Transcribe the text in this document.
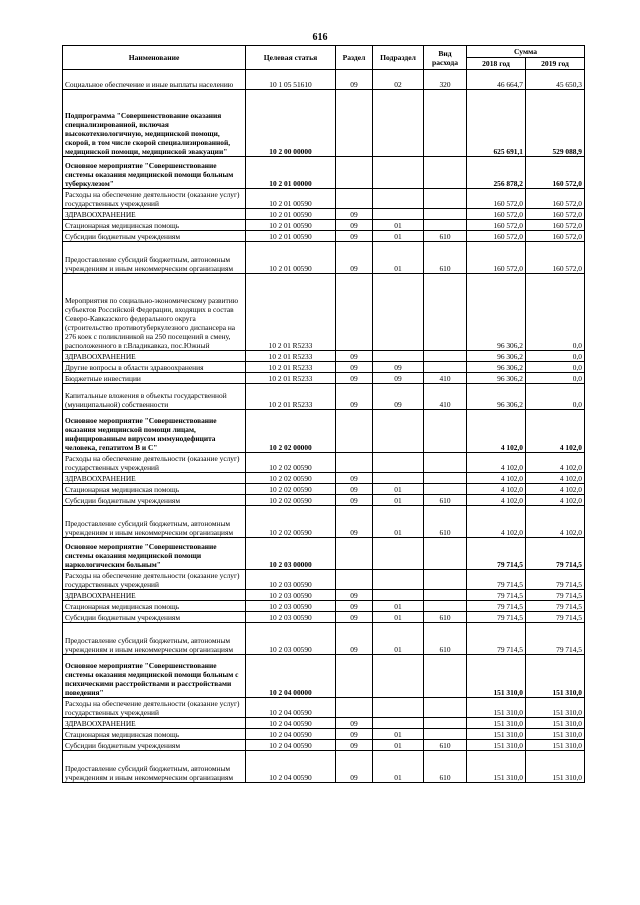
616
Наименование	Целевая статья	Раздел	Подраздел	Вид расхода	Сумма	
					2018 год	2019 год
Социальное обеспечение и иные выплаты населению	10 1 05 51610	09	02	320	46 664,7	45 650,3
Подпрограмма "Совершенствование оказания специализированной, включая высокотехнологичную, медицинской помощи, скорой, в том числе скорой специализированной, медицинской помощи, медицинской эвакуации"	10 2 00 00000				625 691,1	529 088,9
Основное мероприятие "Совершенствование системы оказания медицинской помощи больным туберкулезом"	10 2 01 00000				256 878,2	160 572,0
Расходы на обеспечение деятельности (оказание услуг) государственных учреждений	10 2 01 00590				160 572,0	160 572,0
ЗДРАВООХРАНЕНИЕ	10 2 01 00590	09			160 572,0	160 572,0
Стационарная медицинская помощь	10 2 01 00590	09	01		160 572,0	160 572,0
Субсидии бюджетным учреждениям	10 2 01 00590	09	01	610	160 572,0	160 572,0
Предоставление субсидий бюджетным, автономным учреждениям и иным некоммерческим организациям	10 2 01 00590	09	01	610	160 572,0	160 572,0
Мероприятия по социально-экономическому развитию субъектов Российской Федерации, входящих в состав Северо-Кавказского федерального округа (строительство противотуберкулезного диспансера на 276 коек с поликлиникой на 250 посещений в смену, расположенного в г.Владикавказ, пос.Южный	10 2 01 R5233				96 306,2	0,0
ЗДРАВООХРАНЕНИЕ	10 2 01 R5233	09			96 306,2	0,0
Другие вопросы в области здравоохранения	10 2 01 R5233	09	09		96 306,2	0,0
Бюджетные инвестиции	10 2 01 R5233	09	09	410	96 306,2	0,0
Капитальные вложения в объекты государственной (муниципальной) собственности	10 2 01 R5233	09	09	410	96 306,2	0,0
Основное мероприятие "Совершенствование оказания медицинской помощи лицам, инфицированным вирусом иммунодефицита человека, гепатитом В и С"	10 2 02 00000				4 102,0	4 102,0
Расходы на обеспечение деятельности (оказание услуг) государственных учреждений	10 2 02 00590				4 102,0	4 102,0
ЗДРАВООХРАНЕНИЕ	10 2 02 00590	09			4 102,0	4 102,0
Стационарная медицинская помощь	10 2 02 00590	09	01		4 102,0	4 102,0
Субсидии бюджетным учреждениям	10 2 02 00590	09	01	610	4 102,0	4 102,0
Предоставление субсидий бюджетным, автономным учреждениям и иным некоммерческим организациям	10 2 02 00590	09	01	610	4 102,0	4 102,0
Основное мероприятие "Совершенствование системы оказания медицинской помощи наркологическим больным"	10 2 03 00000				79 714,5	79 714,5
Расходы на обеспечение деятельности (оказание услуг) государственных учреждений	10 2 03 00590				79 714,5	79 714,5
ЗДРАВООХРАНЕНИЕ	10 2 03 00590	09			79 714,5	79 714,5
Стационарная медицинская помощь	10 2 03 00590	09	01		79 714,5	79 714,5
Субсидии бюджетным учреждениям	10 2 03 00590	09	01	610	79 714,5	79 714,5
Предоставление субсидий бюджетным, автономным учреждениям и иным некоммерческим организациям	10 2 03 00590	09	01	610	79 714,5	79 714,5
Основное мероприятие "Совершенствование системы оказания медицинской помощи больным с психическими расстройствами и расстройствами поведения"	10 2 04 00000				151 310,0	151 310,0
Расходы на обеспечение деятельности (оказание услуг) государственных учреждений	10 2 04 00590				151 310,0	151 310,0
ЗДРАВООХРАНЕНИЕ	10 2 04 00590	09			151 310,0	151 310,0
Стационарная медицинская помощь	10 2 04 00590	09	01		151 310,0	151 310,0
Субсидии бюджетным учреждениям	10 2 04 00590	09	01	610	151 310,0	151 310,0
Предоставление субсидий бюджетным, автономным учреждениям и иным некоммерческим организациям	10 2 04 00590	09	01	610	151 310,0	151 310,0
